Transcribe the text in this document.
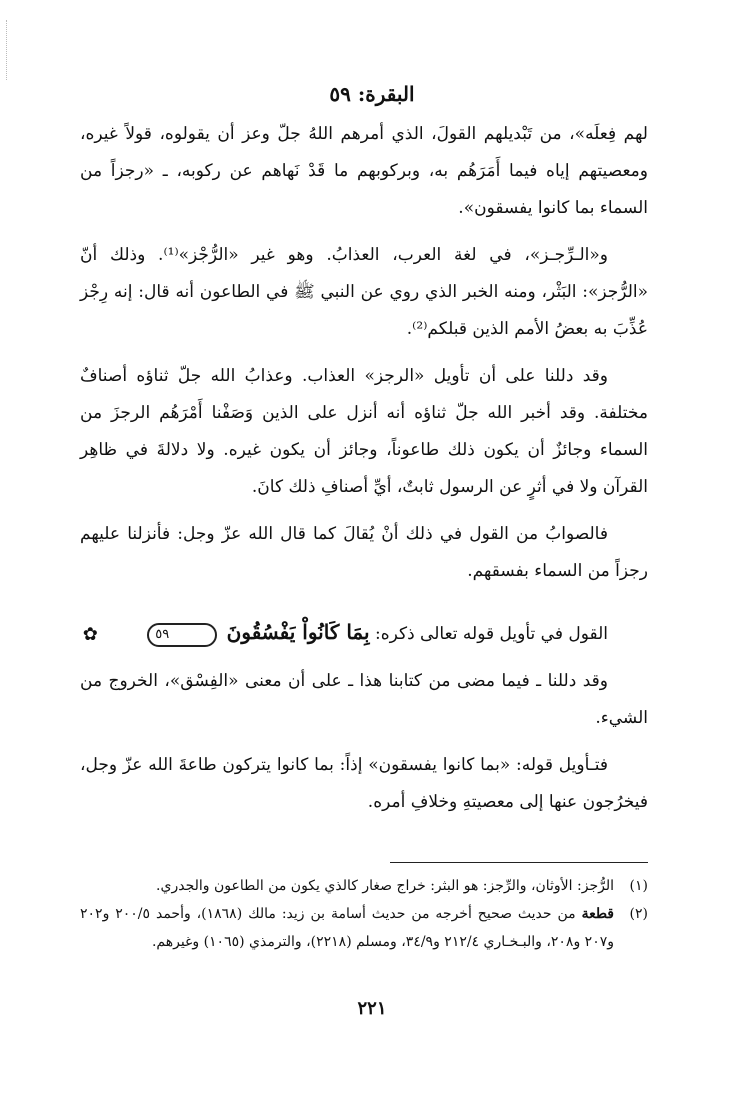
البقرة: ٥٩

لهم فِعلَه»، من تَبْديلهم القولَ، الذي أمرهم اللهُ جلّ وعز أن يقولوه، قولاً غيره، ومعصيتهم إياه فيما أَمَرَهُم به، وبركوبهم ما قَدْ نَهاهم عن ركوبه، ـ «رجزاً من السماء بما كانوا يفسقون».

و«الـرِّجـز»، في لغة العرب، العذابُ. وهو غير «الرُّجْز»⁽¹⁾. وذلك أنّ «الرُّجز»: البَثْر، ومنه الخبر الذي روي عن النبي ﷺ في الطاعون أنه قال: إنه رِجْز عُذِّبَ به بعضُ الأمم الذين قبلكم⁽²⁾.

وقد دللنا على أن تأويل «الرجز» العذاب. وعذابُ الله جلّ ثناؤه أصنافٌ مختلفة. وقد أخبر الله جلّ ثناؤه أنه أنزل على الذين وَصَفْنا أَمْرَهُم الرجزَ من السماء وجائزٌ أن يكون ذلك طاعوناً، وجائز أن يكون غيره. ولا دلالةَ في ظاهِر القرآن ولا في أثرٍ عن الرسول ثابتٌ، أيِّ أصنافِ ذلك كانَ.

فالصوابُ من القول في ذلك أنْ يُقالَ كما قال الله عزّ وجل: فأنزلنا عليهم رجزاً من السماء بفسقهم.

القول في تأويل قوله تعالى ذكره: بِمَا كَانُواْ يَفْسُقُونَ ٥٩ ✿

وقد دللنا ـ فيما مضى من كتابنا هذا ـ على أن معنى «الفِسْق»، الخروج من الشيء.

فتـأويل قوله: «بما كانوا يفسقون» إذاً: بما كانوا يتركون طاعةَ الله عزّ وجل، فيخرُجون عنها إلى معصيتهِ وخلافِ أمره.

(١)
الرُّجز: الأوثان، والرِّجز: هو البثر: خراج صغار كالذي يكون من الطاعون والجدري.
(٢)
قطعة من حديث صحيح أخرجه من حديث أسامة بن زيد: مالك (١٨٦٨)، وأحمد ٢٠٠/٥ و٢٠٢ و٢٠٧ و٢٠٨، والبـخـاري ٢١٢/٤ و٣٤/٩، ومسلم (٢٢١٨)، والترمذي (١٠٦٥) وغيرهم.
٢٢١
